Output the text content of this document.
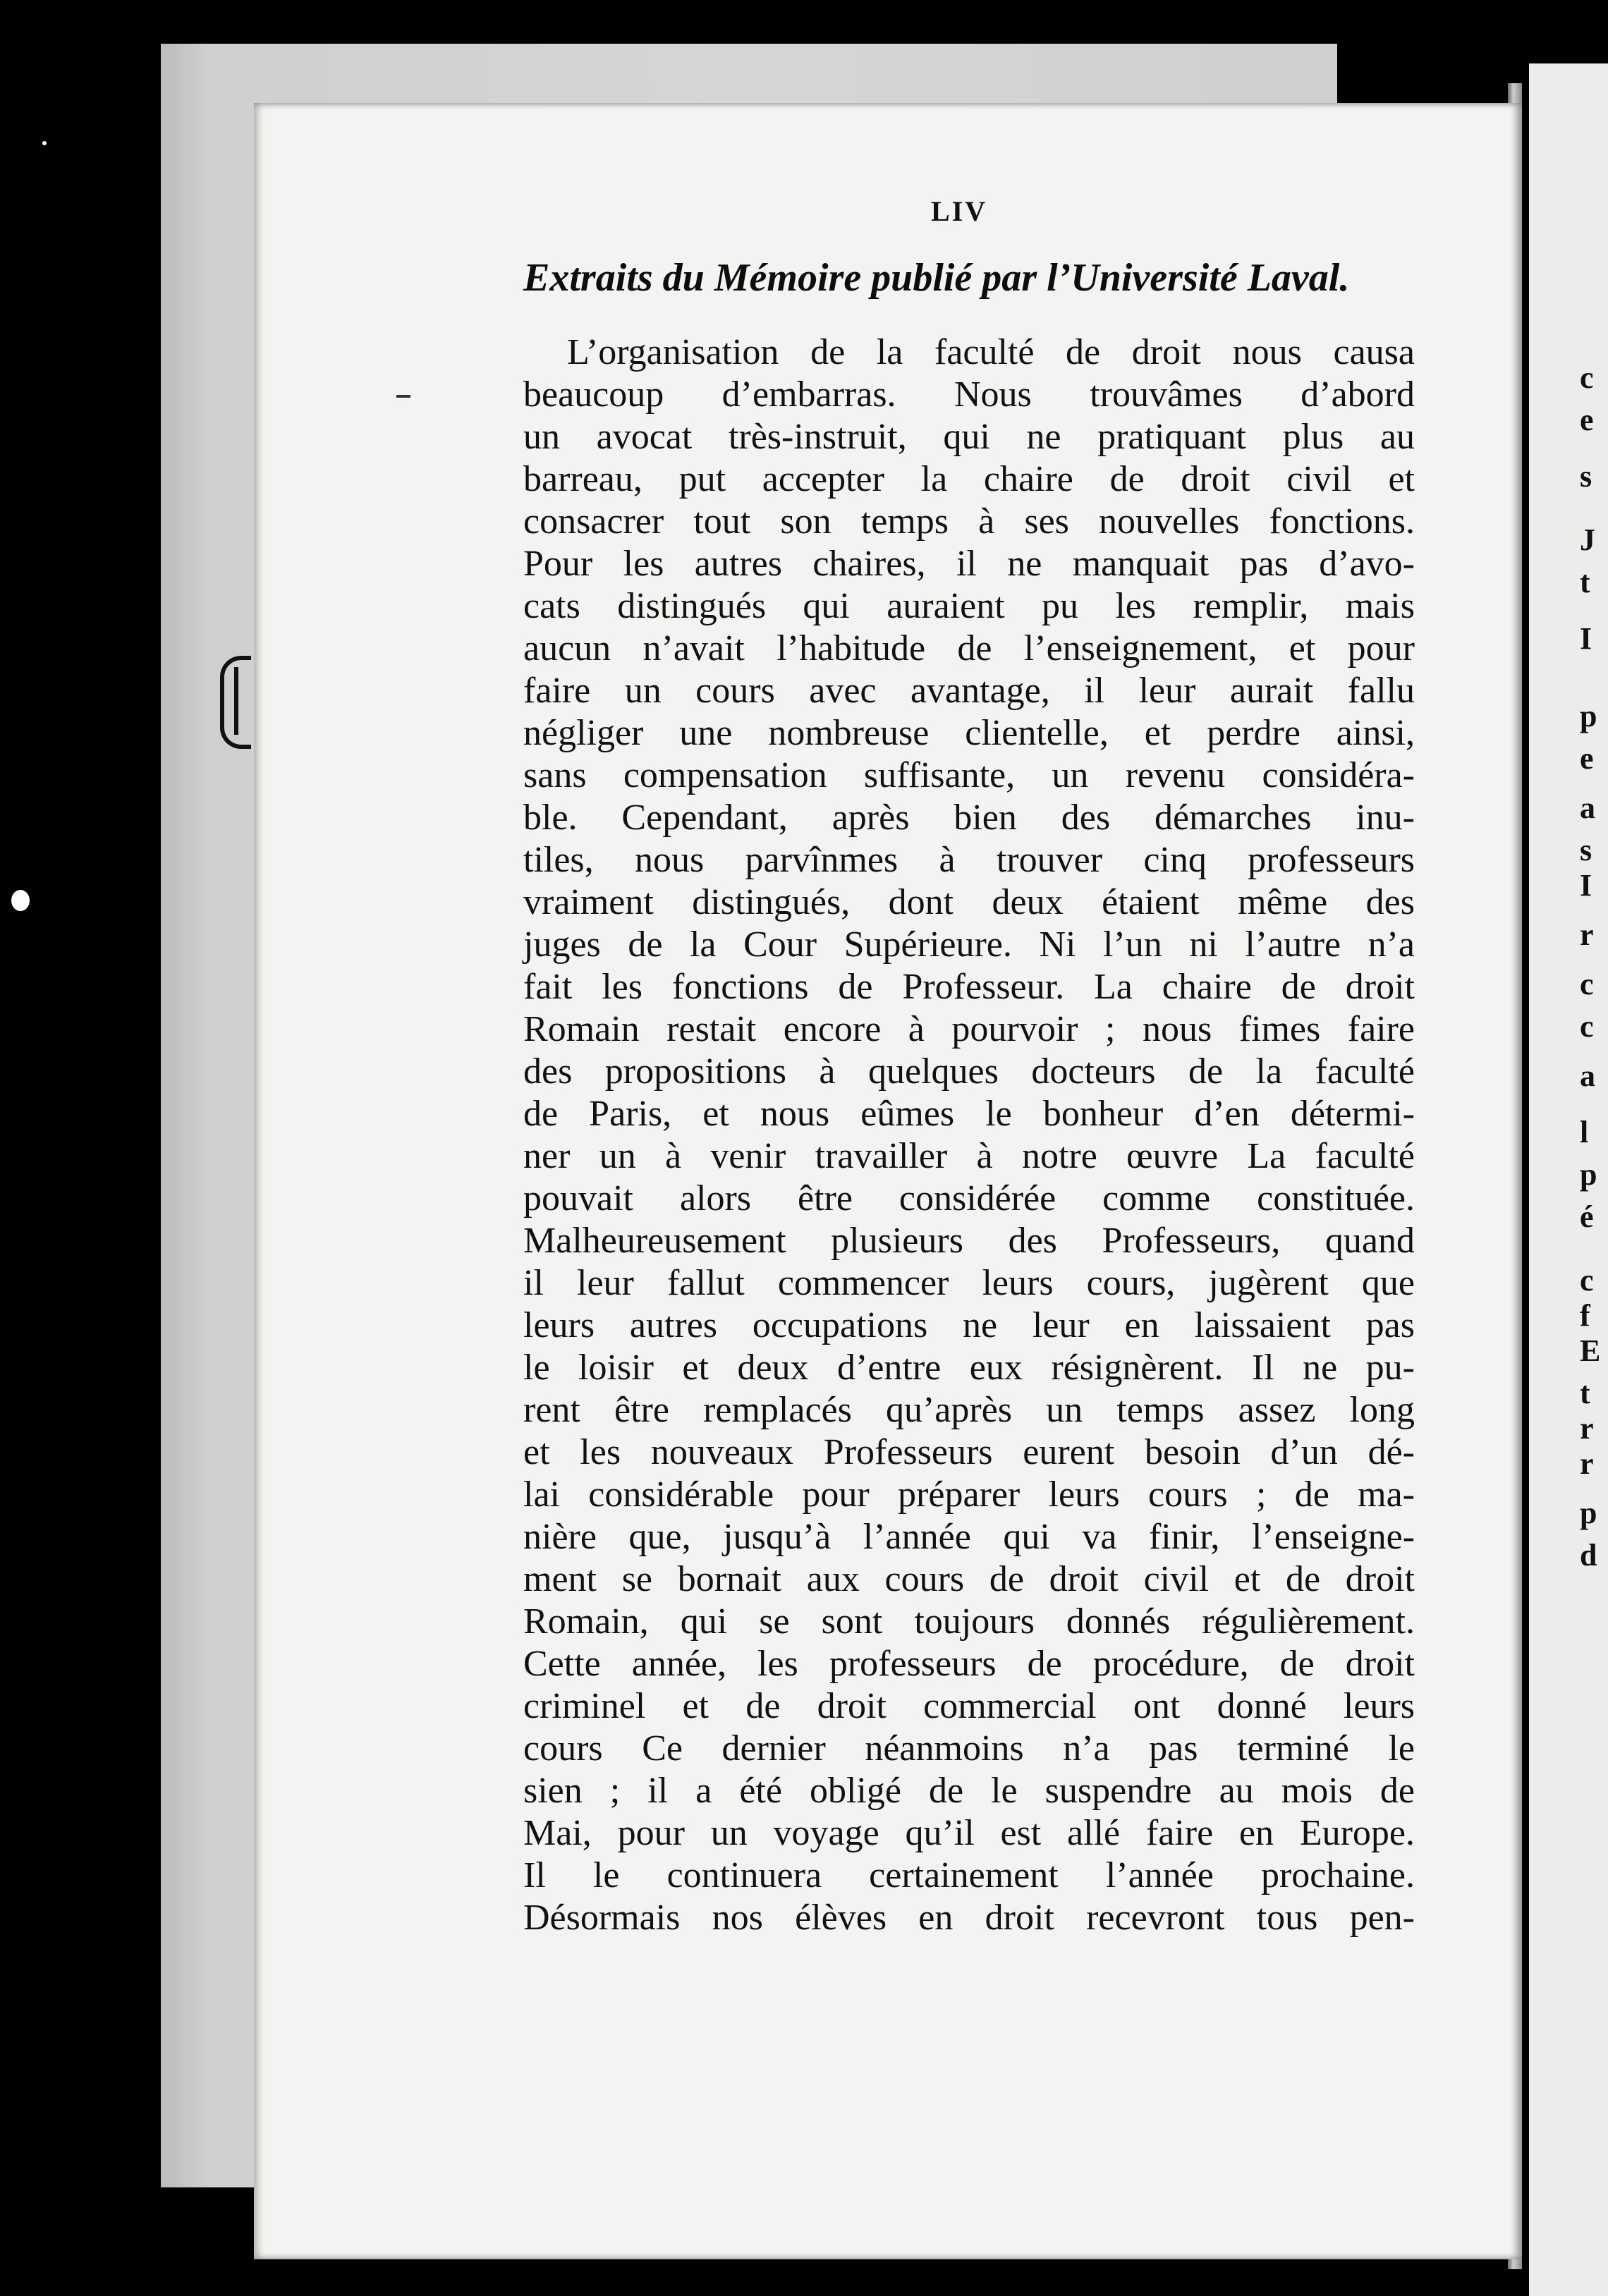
LIV
Extraits du Mémoire publié par l’Université Laval.
L’organisation de la faculté de droit nous causa
beaucoup d’embarras. Nous trouvâmes d’abord
un avocat très-instruit, qui ne pratiquant plus au
barreau, put accepter la chaire de droit civil et
consacrer tout son temps à ses nouvelles fonctions.
Pour les autres chaires, il ne manquait pas d’avo-
cats distingués qui auraient pu les remplir, mais
aucun n’avait l’habitude de l’enseignement, et pour
faire un cours avec avantage, il leur aurait fallu
négliger une nombreuse clientelle, et perdre ainsi,
sans compensation suffisante, un revenu considéra-
ble. Cependant, après bien des démarches inu-
tiles, nous parvînmes à trouver cinq professeurs
vraiment distingués, dont deux étaient même des
juges de la Cour Supérieure. Ni l’un ni l’autre n’a
fait les fonctions de Professeur. La chaire de droit
Romain restait encore à pourvoir ; nous fimes faire
des propositions à quelques docteurs de la faculté
de Paris, et nous eûmes le bonheur d’en détermi-
ner un à venir travailler à notre œuvre La faculté
pouvait alors être considérée comme constituée.
Malheureusement plusieurs des Professeurs, quand
il leur fallut commencer leurs cours, jugèrent que
leurs autres occupations ne leur en laissaient pas
le loisir et deux d’entre eux résignèrent. Il ne pu-
rent être remplacés qu’après un temps assez long
et les nouveaux Professeurs eurent besoin d’un dé-
lai considérable pour préparer leurs cours ; de ma-
nière que, jusqu’à l’année qui va finir, l’enseigne-
ment se bornait aux cours de droit civil et de droit
Romain, qui se sont toujours donnés régulièrement.
Cette année, les professeurs de procédure, de droit
criminel et de droit commercial ont donné leurs
cours Ce dernier néanmoins n’a pas terminé le
sien ; il a été obligé de le suspendre au mois de
Mai, pour un voyage qu’il est allé faire en Europe.
Il le continuera certainement l’année prochaine.
Désormais nos élèves en droit recevront tous pen-
c
e
s
J
t
I
p
e
a
s
I
r
c
c
a
l
p
é
c
f
E
t
r
r
p
d
